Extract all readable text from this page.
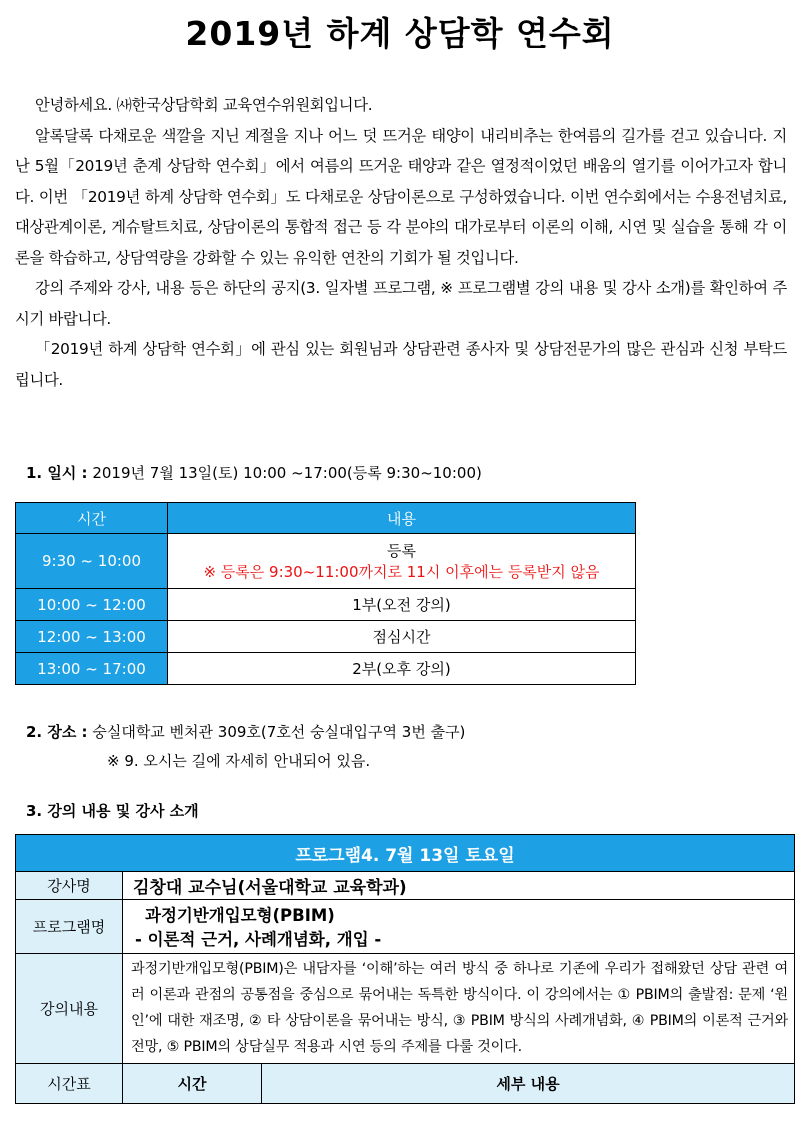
2019년 하계 상담학 연수회

안녕하세요. ㈔한국상담학회 교육연수위원회입니다.

알록달록 다채로운 색깔을 지닌 계절을 지나 어느 덧 뜨거운 태양이 내리비추는 한여름의 길가를 걷고 있습니다. 지난 5월「2019년 춘계 상담학 연수회」에서 여름의 뜨거운 태양과 같은 열정적이었던 배움의 열기를 이어가고자 합니다. 이번 「2019년 하계 상담학 연수회」도 다채로운 상담이론으로 구성하였습니다. 이번 연수회에서는 수용전념치료, 대상관계이론, 게슈탈트치료, 상담이론의 통합적 접근 등 각 분야의 대가로부터 이론의 이해, 시연 및 실습을 통해 각 이론을 학습하고, 상담역량을 강화할 수 있는 유익한 연찬의 기회가 될 것입니다.

강의 주제와 강사, 내용 등은 하단의 공지(3. 일자별 프로그램, ※ 프로그램별 강의 내용 및 강사 소개)를 확인하여 주시기 바랍니다.

「2019년 하계 상담학 연수회」에 관심 있는 회원님과 상담관련 종사자 및 상담전문가의 많은 관심과 신청 부탁드립니다.

1. 일시 : 2019년 7월 13일(토) 10:00 ~17:00(등록 9:30~10:00)
시간	내용
9:30 ~ 10:00	등록
※ 등록은 9:30~11:00까지로 11시 이후에는 등록받지 않음

10:00 ~ 12:00	1부(오전 강의)
12:00 ~ 13:00	점심시간
13:00 ~ 17:00	2부(오후 강의)
2. 장소 : 숭실대학교 벤처관 309호(7호선 숭실대입구역 3번 출구)
※ 9. 오시는 길에 자세히 안내되어 있음.
3. 강의 내용 및 강사 소개
프로그램4. 7월 13일 토요일		
강사명	김창대 교수님(서울대학교 교육학과)	
프로그램명	과정기반개입모형(PBIM)
- 이론적 근거, 사례개념화, 개입 -	

강의내용	과정기반개입모형(PBIM)은 내담자를 ‘이해’하는 여러 방식 중 하나로 기존에 우리가 접해왔던 상담 관련 여러 이론과 관점의 공통점을 중심으로 묶어내는 독특한 방식이다. 이 강의에서는 ① PBIM의 출발점: 문제 ‘원인’에 대한 재조명, ② 타 상담이론을 묶어내는 방식, ③ PBIM 방식의 사례개념화, ④ PBIM의 이론적 근거와 전망, ⑤ PBIM의 상담실무 적용과 시연 등의 주제를 다룰 것이다.	
시간표	시간	세부 내용
